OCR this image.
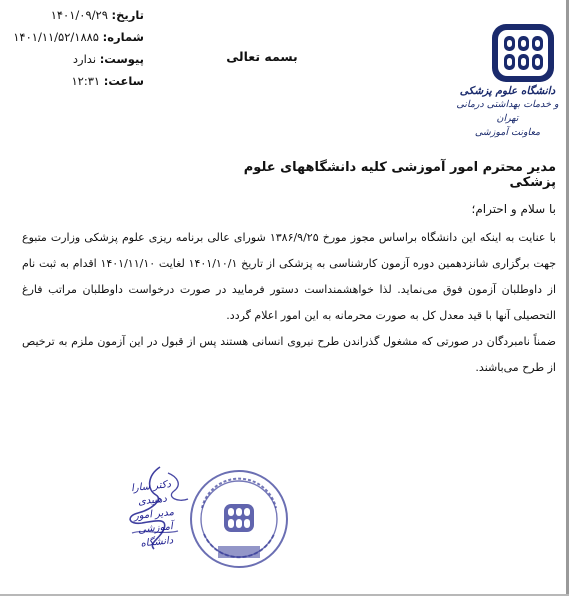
تاریخ: ۱۴۰۱/۰۹/۲۹
شماره: ۱۴۰۱/۱۱/۵۲/۱۸۸۵
پیوست: ندارد
ساعت: ۱۲:۳۱
بسمه تعالی
دانشگاه علوم پزشکی
و خدمات بهداشتی درمانی تهران
معاونت آموزشی
مدیر محترم امور آموزشی کلیه دانشگاههای علوم پزشکی
با سلام و احترام؛

با عنایت به اینکه این دانشگاه براساس مجوز مورخ ۱۳۸۶/۹/۲۵ شورای عالی برنامه ریزی علوم پزشکی وزارت متبوع جهت برگزاری شانزدهمین دوره آزمون کارشناسی به پزشکی از تاریخ ۱۴۰۱/۱۰/۱ لغایت ۱۴۰۱/۱۱/۱۰ اقدام به ثبت نام از داوطلبان آزمون فوق می‌نماید. لذا خواهشمنداست دستور فرمایید در صورت درخواست داوطلبان مراتب فارغ التحصیلی آنها با قید معدل کل به صورت محرمانه به این امور اعلام گردد.

ضمناً نامبردگان در صورتی که مشغول گذراندن طرح نیروی انسانی هستند پس از قبول در این آزمون ملزم به ترخیص از طرح می‌باشند.

دکتر سارا دهبیدی
مدیر امور آموزشی دانشگاه
